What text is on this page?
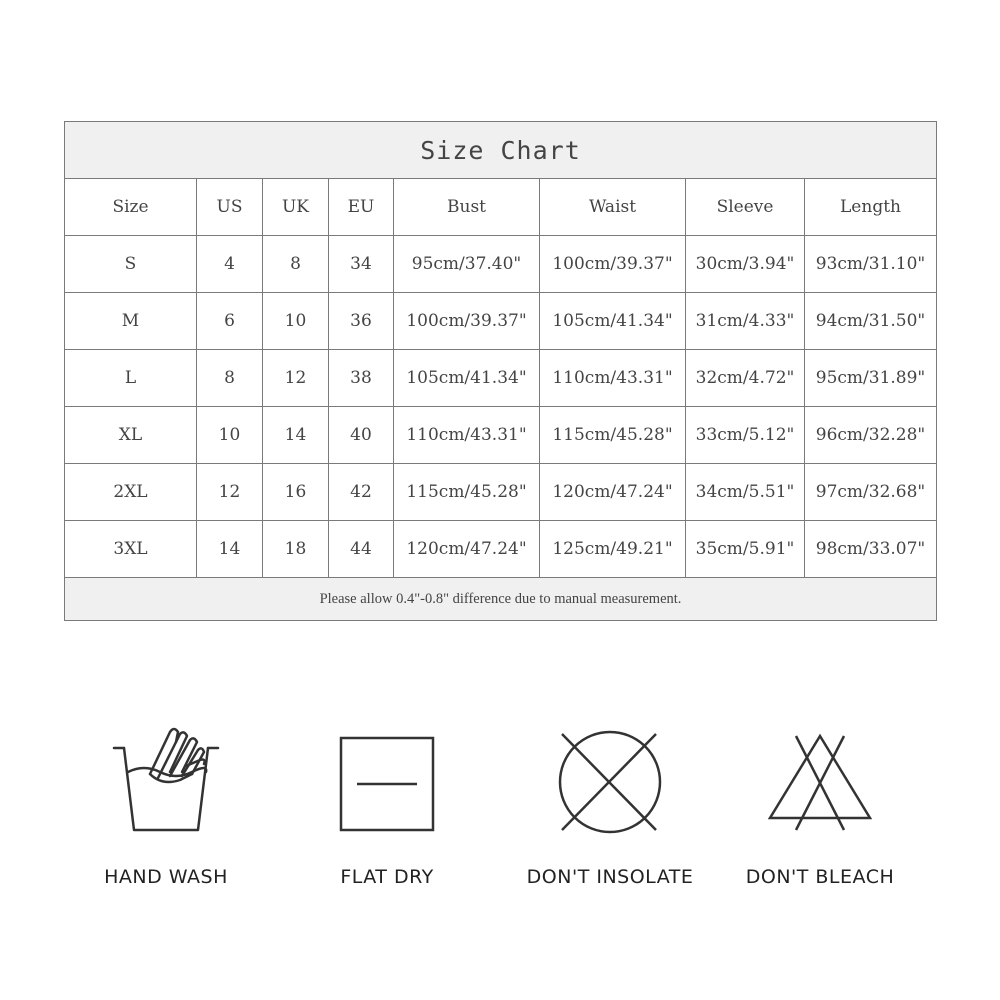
Size Chart							
Size	US	UK	EU	Bust	Waist	Sleeve	Length
S	4	8	34	95cm/37.40"	100cm/39.37"	30cm/3.94"	93cm/31.10"
M	6	10	36	100cm/39.37"	105cm/41.34"	31cm/4.33"	94cm/31.50"
L	8	12	38	105cm/41.34"	110cm/43.31"	32cm/4.72"	95cm/31.89"
XL	10	14	40	110cm/43.31"	115cm/45.28"	33cm/5.12"	96cm/32.28"
2XL	12	16	42	115cm/45.28"	120cm/47.24"	34cm/5.51"	97cm/32.68"
3XL	14	18	44	120cm/47.24"	125cm/49.21"	35cm/5.91"	98cm/33.07"
Please allow 0.4"-0.8" difference due to manual measurement.							
HAND WASH	FLAT DRY	DON'T INSOLATE	DON'T BLEACH
